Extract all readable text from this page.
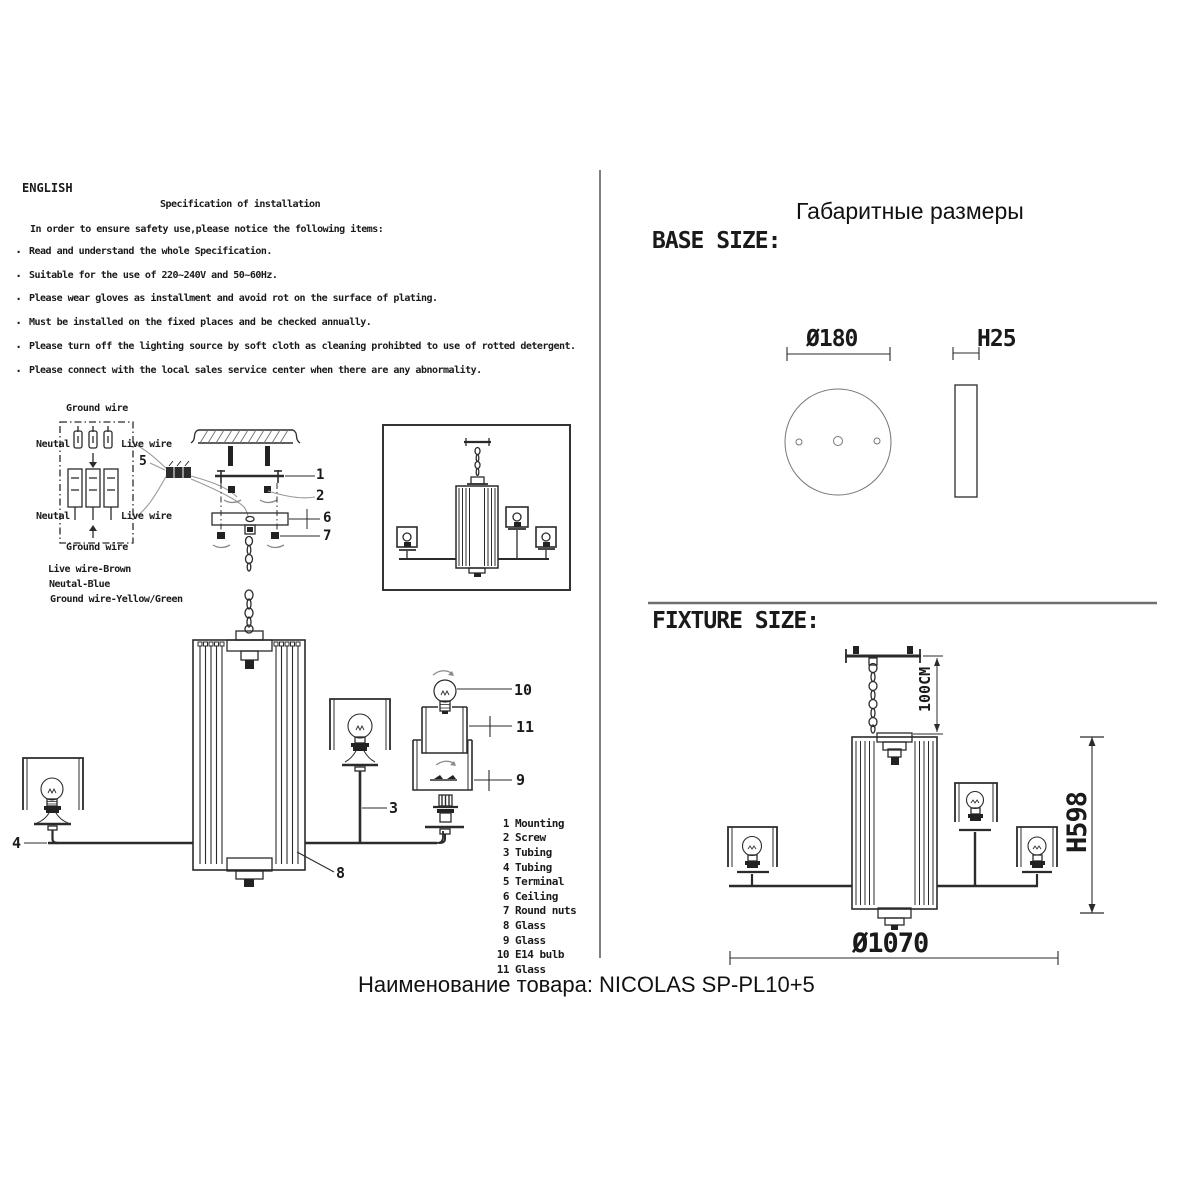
ENGLISH
Specification of installation
In order to ensure safety use,please notice the following items:
· Read and understand the whole Specification.
· Suitable for the use of 220~240V and 50~60Hz.
· Please wear gloves as installment and avoid rot on the surface of plating.
· Must be installed on the fixed places and be checked annually.
· Please turn off the lighting source by soft cloth as cleaning prohibted to use of rotted detergent.
· Please connect with the local sales service center when there are any abnormality.
Ground wire
Neutal	Live wire
5
Neutal	Live wire
Ground wire
Live wire-Brown
Neutal-Blue
Ground wire-Yellow/Green
1
2
6
7
4
3
8
10
11
9
1 Mounting
2 Screw
3 Tubing
4 Tubing
5 Terminal
6 Ceiling
7 Round nuts
8 Glass
9 Glass
10 E14 bulb
11 Glass
Габаритные размеры
BASE SIZE:
Ø180	H25
FIXTURE SIZE:
100CM
H598
Ø1070
Наименование товара: NICOLAS SP-PL10+5
